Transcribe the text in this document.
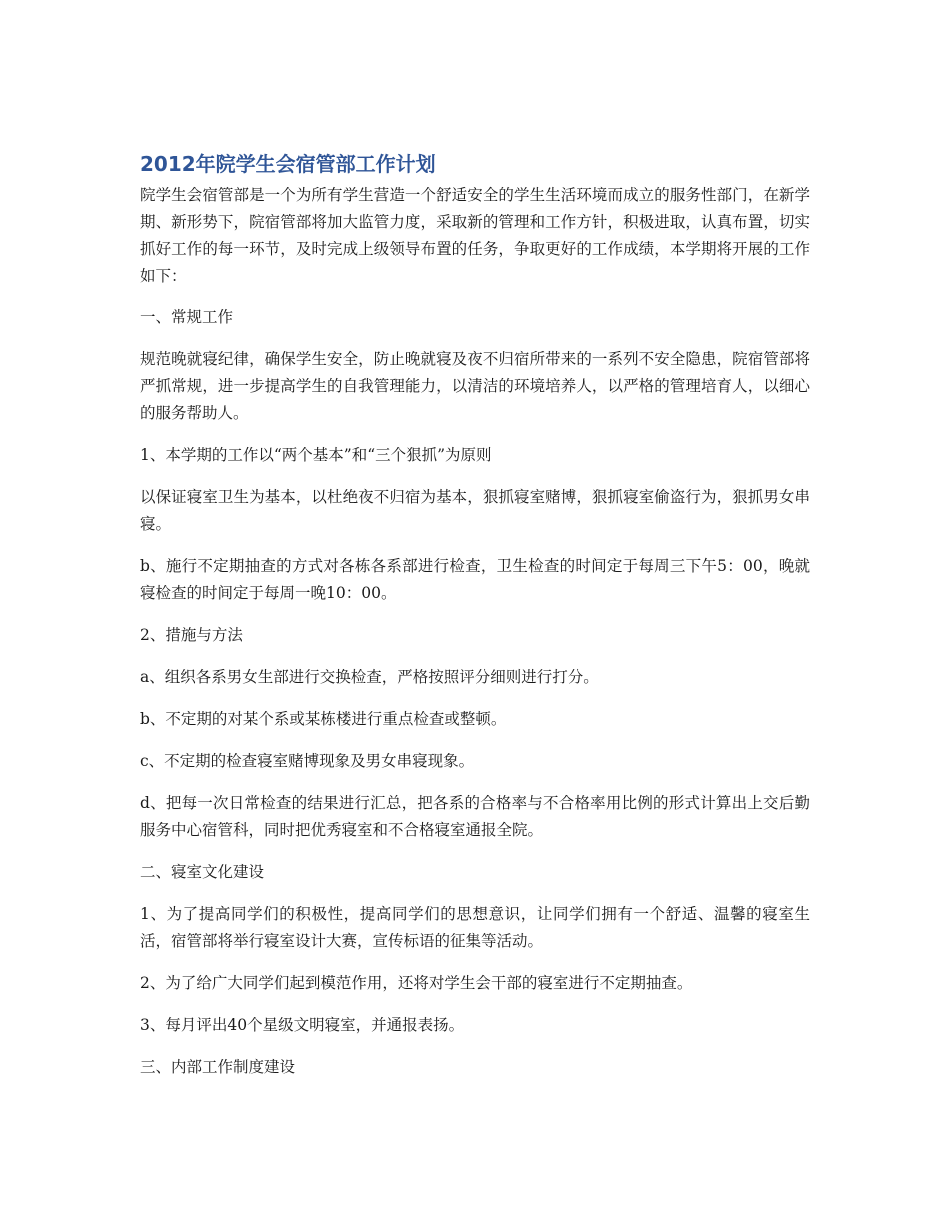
2012年院学生会宿管部工作计划

院学生会宿管部是一个为所有学生营造一个舒适安全的学生生活环境而成立的服务性部门，在新学期、新形势下，院宿管部将加大监管力度，采取新的管理和工作方针，积极进取，认真布置，切实抓好工作的每一环节，及时完成上级领导布置的任务，争取更好的工作成绩，本学期将开展的工作如下：

一、常规工作

规范晚就寝纪律，确保学生安全，防止晚就寝及夜不归宿所带来的一系列不安全隐患，院宿管部将严抓常规，进一步提高学生的自我管理能力，以清洁的环境培养人，以严格的管理培育人，以细心的服务帮助人。

1、本学期的工作以“两个基本”和“三个狠抓”为原则

以保证寝室卫生为基本，以杜绝夜不归宿为基本，狠抓寝室赌博，狠抓寝室偷盗行为，狠抓男女串寝。

b、施行不定期抽查的方式对各栋各系部进行检查，卫生检查的时间定于每周三下午5：00，晚就寝检查的时间定于每周一晚10：00。

2、措施与方法

a、组织各系男女生部进行交换检查，严格按照评分细则进行打分。

b、不定期的对某个系或某栋楼进行重点检查或整顿。

c、不定期的检查寝室赌博现象及男女串寝现象。

d、把每一次日常检查的结果进行汇总，把各系的合格率与不合格率用比例的形式计算出上交后勤服务中心宿管科，同时把优秀寝室和不合格寝室通报全院。

二、寝室文化建设

1、为了提高同学们的积极性，提高同学们的思想意识，让同学们拥有一个舒适、温馨的寝室生活，宿管部将举行寝室设计大赛，宣传标语的征集等活动。

2、为了给广大同学们起到模范作用，还将对学生会干部的寝室进行不定期抽查。

3、每月评出40个星级文明寝室，并通报表扬。

三、内部工作制度建设
